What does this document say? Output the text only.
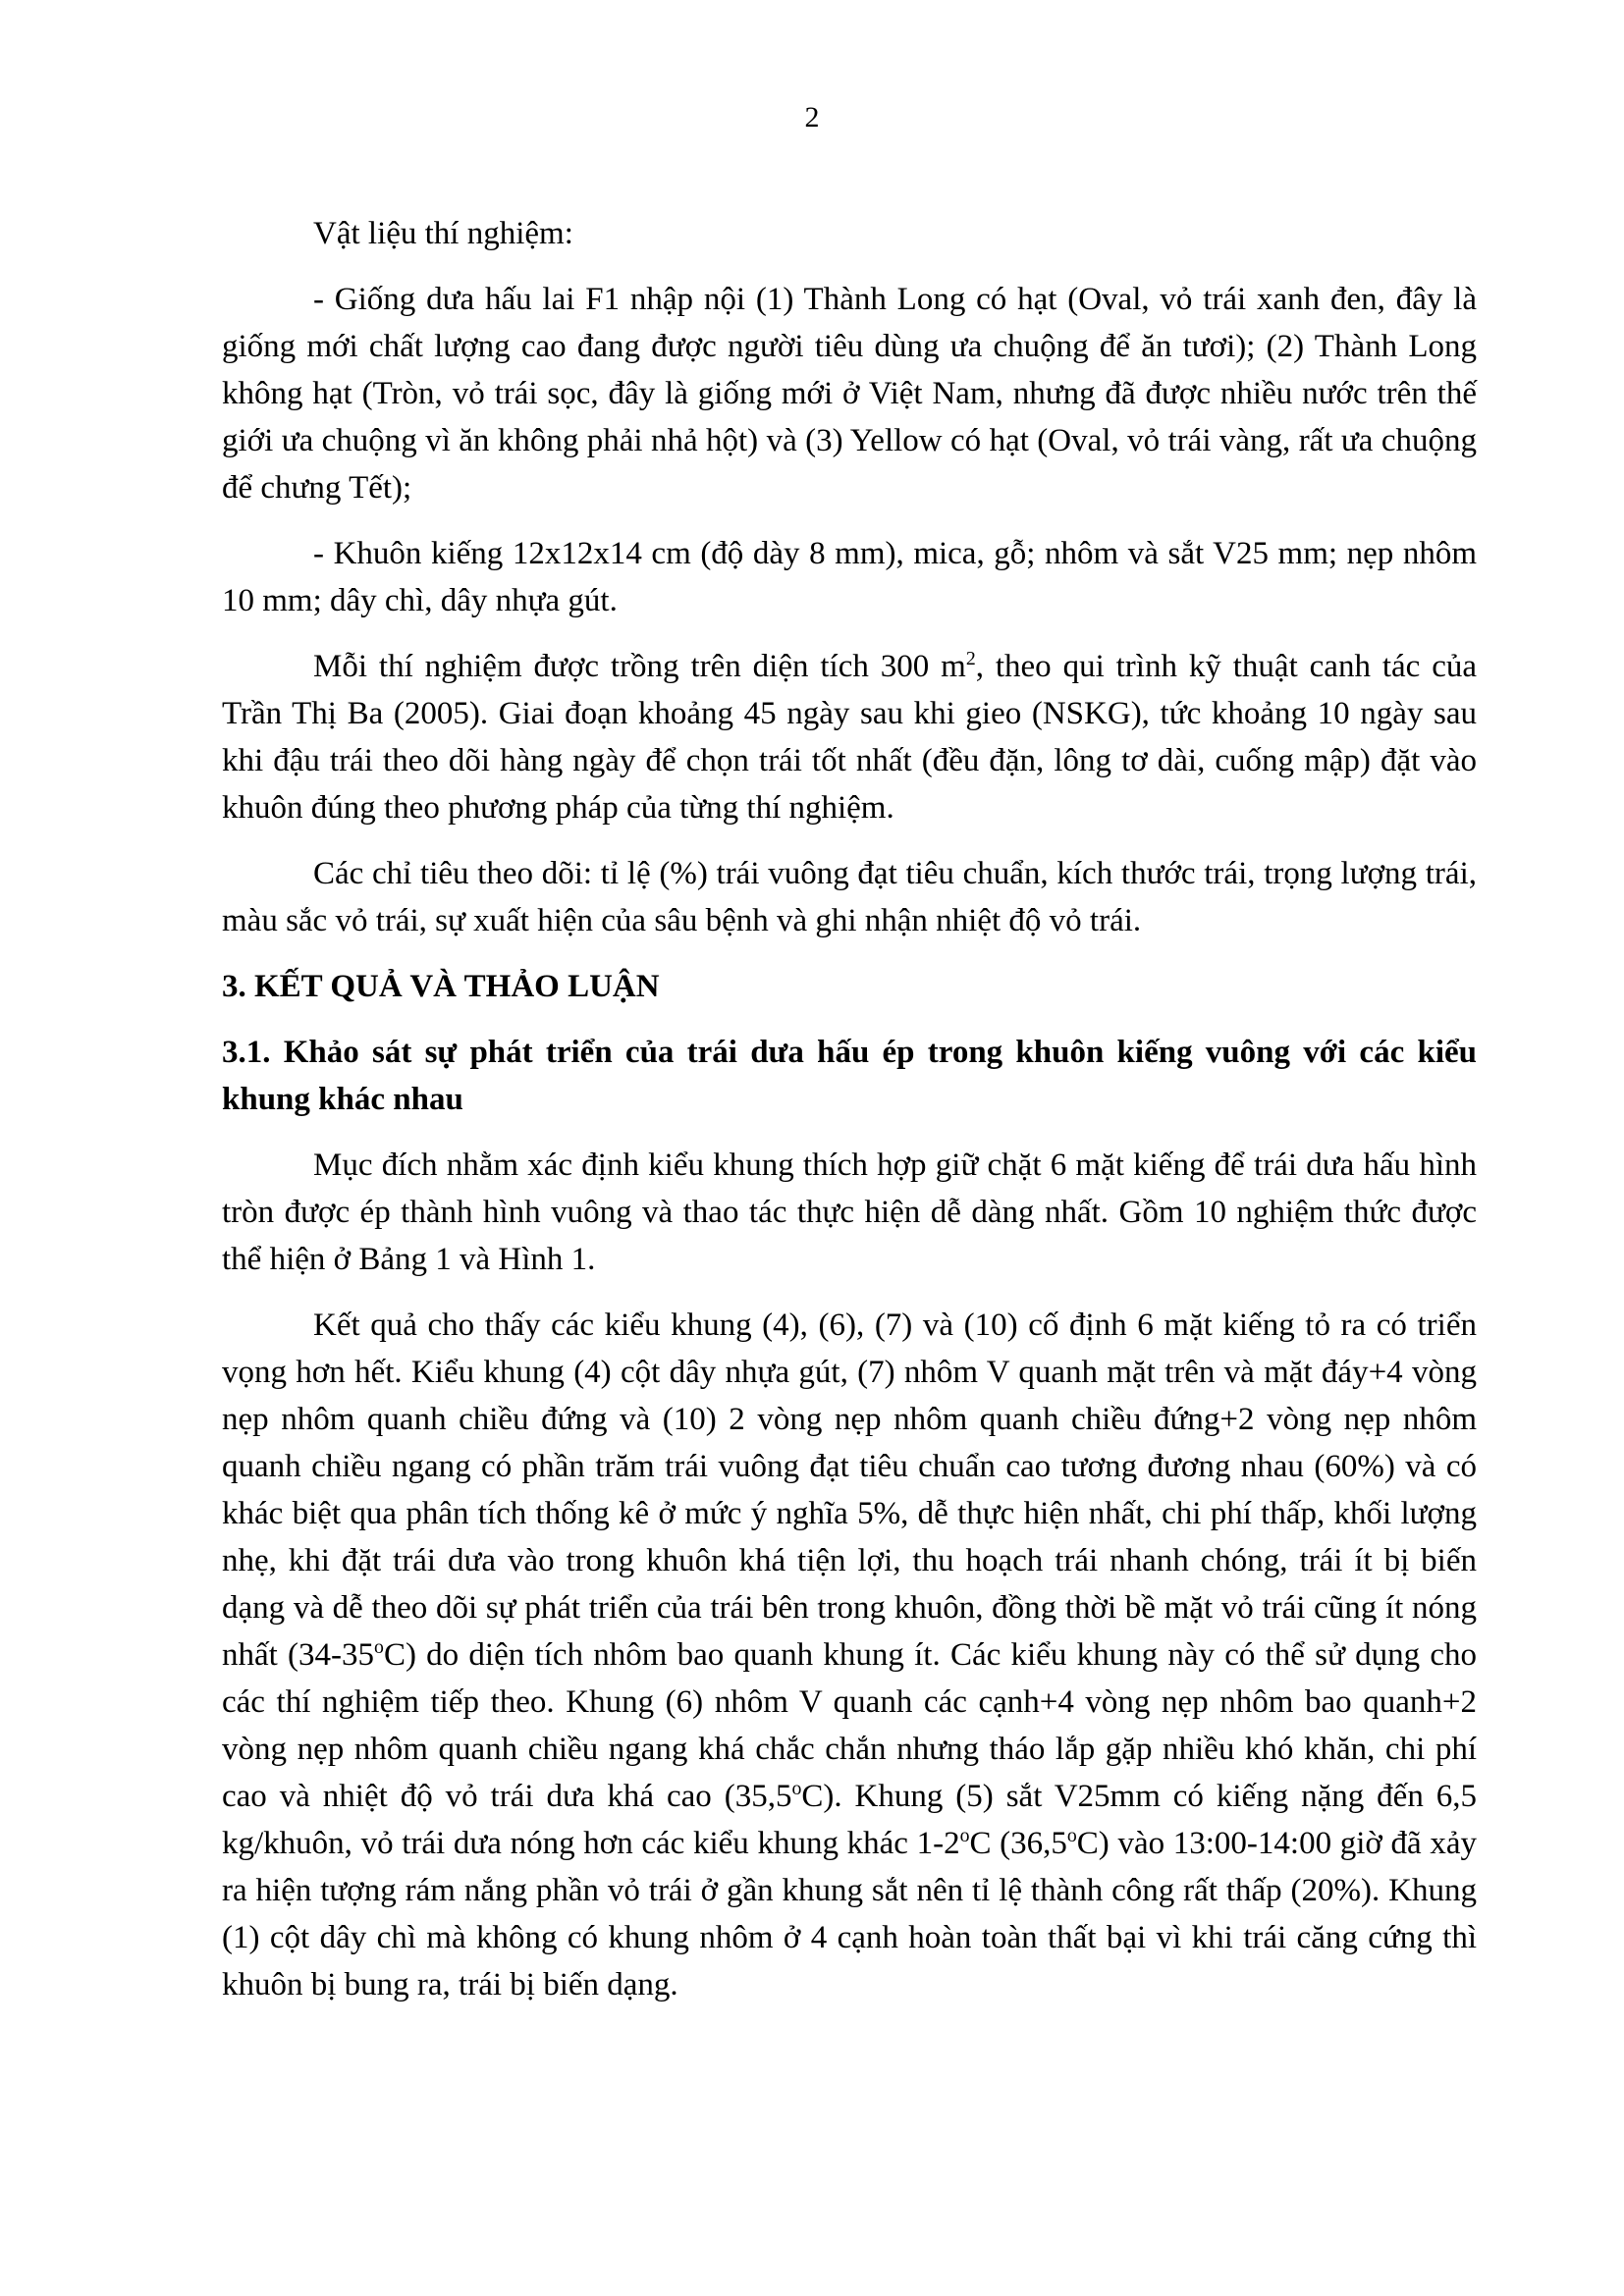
2

Vật liệu thí nghiệm:

- Giống dưa hấu lai F1 nhập nội (1) Thành Long có hạt (Oval, vỏ trái xanh đen, đây là giống mới chất lượng cao đang được người tiêu dùng ưa chuộng để ăn tươi); (2) Thành Long không hạt (Tròn, vỏ trái sọc, đây là giống mới ở Việt Nam, nhưng đã được nhiều nước trên thế giới ưa chuộng vì ăn không phải nhả hột) và (3) Yellow có hạt (Oval, vỏ trái vàng, rất ưa chuộng để chưng Tết);

- Khuôn kiếng 12x12x14 cm (độ dày 8 mm), mica, gỗ; nhôm và sắt V25 mm; nẹp nhôm 10 mm; dây chì, dây nhựa gút.

Mỗi thí nghiệm được trồng trên diện tích 300 $m^2$, theo qui trình kỹ thuật canh tác của Trần Thị Ba (2005). Giai đoạn khoảng 45 ngày sau khi gieo (NSKG), tức khoảng 10 ngày sau khi đậu trái theo dõi hàng ngày để chọn trái tốt nhất (đều đặn, lông tơ dài, cuống mập) đặt vào khuôn đúng theo phương pháp của từng thí nghiệm.

Các chỉ tiêu theo dõi: tỉ lệ (%) trái vuông đạt tiêu chuẩn, kích thước trái, trọng lượng trái, màu sắc vỏ trái, sự xuất hiện của sâu bệnh và ghi nhận nhiệt độ vỏ trái.

3. KẾT QUẢ VÀ THẢO LUẬN
3.1. Khảo sát sự phát triển của trái dưa hấu ép trong khuôn kiếng vuông với các kiểu khung khác nhau

Mục đích nhằm xác định kiểu khung thích hợp giữ chặt 6 mặt kiếng để trái dưa hấu hình tròn được ép thành hình vuông và thao tác thực hiện dễ dàng nhất. Gồm 10 nghiệm thức được thể hiện ở Bảng 1 và Hình 1.

Kết quả cho thấy các kiểu khung (4), (6), (7) và (10) cố định 6 mặt kiếng tỏ ra có triển vọng hơn hết. Kiểu khung (4) cột dây nhựa gút, (7) nhôm V quanh mặt trên và mặt đáy+4 vòng nẹp nhôm quanh chiều đứng và (10) 2 vòng nẹp nhôm quanh chiều đứng+2 vòng nẹp nhôm quanh chiều ngang có phần trăm trái vuông đạt tiêu chuẩn cao tương đương nhau (60%) và có khác biệt qua phân tích thống kê ở mức ý nghĩa 5%, dễ thực hiện nhất, chi phí thấp, khối lượng nhẹ, khi đặt trái dưa vào trong khuôn khá tiện lợi, thu hoạch trái nhanh chóng, trái ít bị biến dạng và dễ theo dõi sự phát triển của trái bên trong khuôn, đồng thời bề mặt vỏ trái cũng ít nóng nhất (34-35$^o$C) do diện tích nhôm bao quanh khung ít. Các kiểu khung này có thể sử dụng cho các thí nghiệm tiếp theo. Khung (6) nhôm V quanh các cạnh+4 vòng nẹp nhôm bao quanh+2 vòng nẹp nhôm quanh chiều ngang khá chắc chắn nhưng tháo lắp gặp nhiều khó khăn, chi phí cao và nhiệt độ vỏ trái dưa khá cao (35,5$^o$C). Khung (5) sắt V25mm có kiếng nặng đến 6,5 kg/khuôn, vỏ trái dưa nóng hơn các kiểu khung khác 1-2$^o$C (36,5$^o$C) vào 13:00-14:00 giờ đã xảy ra hiện tượng rám nắng phần vỏ trái ở gần khung sắt nên tỉ lệ thành công rất thấp (20%). Khung (1) cột dây chì mà không có khung nhôm ở 4 cạnh hoàn toàn thất bại vì khi trái căng cứng thì khuôn bị bung ra, trái bị biến dạng.
